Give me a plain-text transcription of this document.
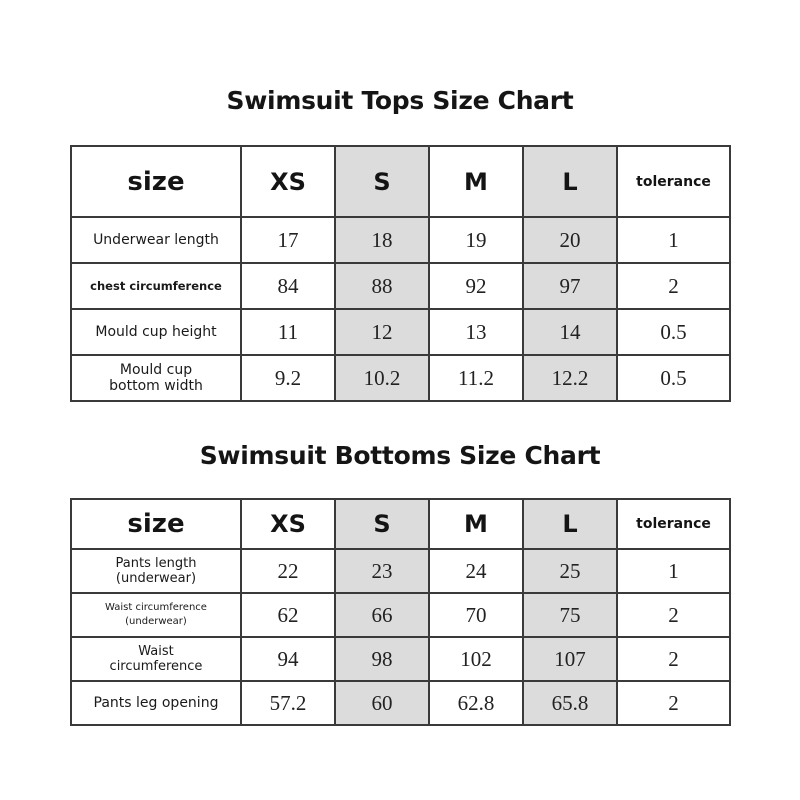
Swimsuit Tops Size Chart
size	XS	S	M	L	tolerance
Underwear length	17	18	19	20	1
chest circumference	84	88	92	97	2
Mould cup height	11	12	13	14	0.5
Mould cup
bottom width	9.2	10.2	11.2	12.2	0.5
Swimsuit Bottoms Size Chart
size	XS	S	M	L	tolerance
Pants length
(underwear)	22	23	24	25	1
Waist circumference
(underwear)	62	66	70	75	2
Waist
circumference	94	98	102	107	2
Pants leg opening	57.2	60	62.8	65.8	2
